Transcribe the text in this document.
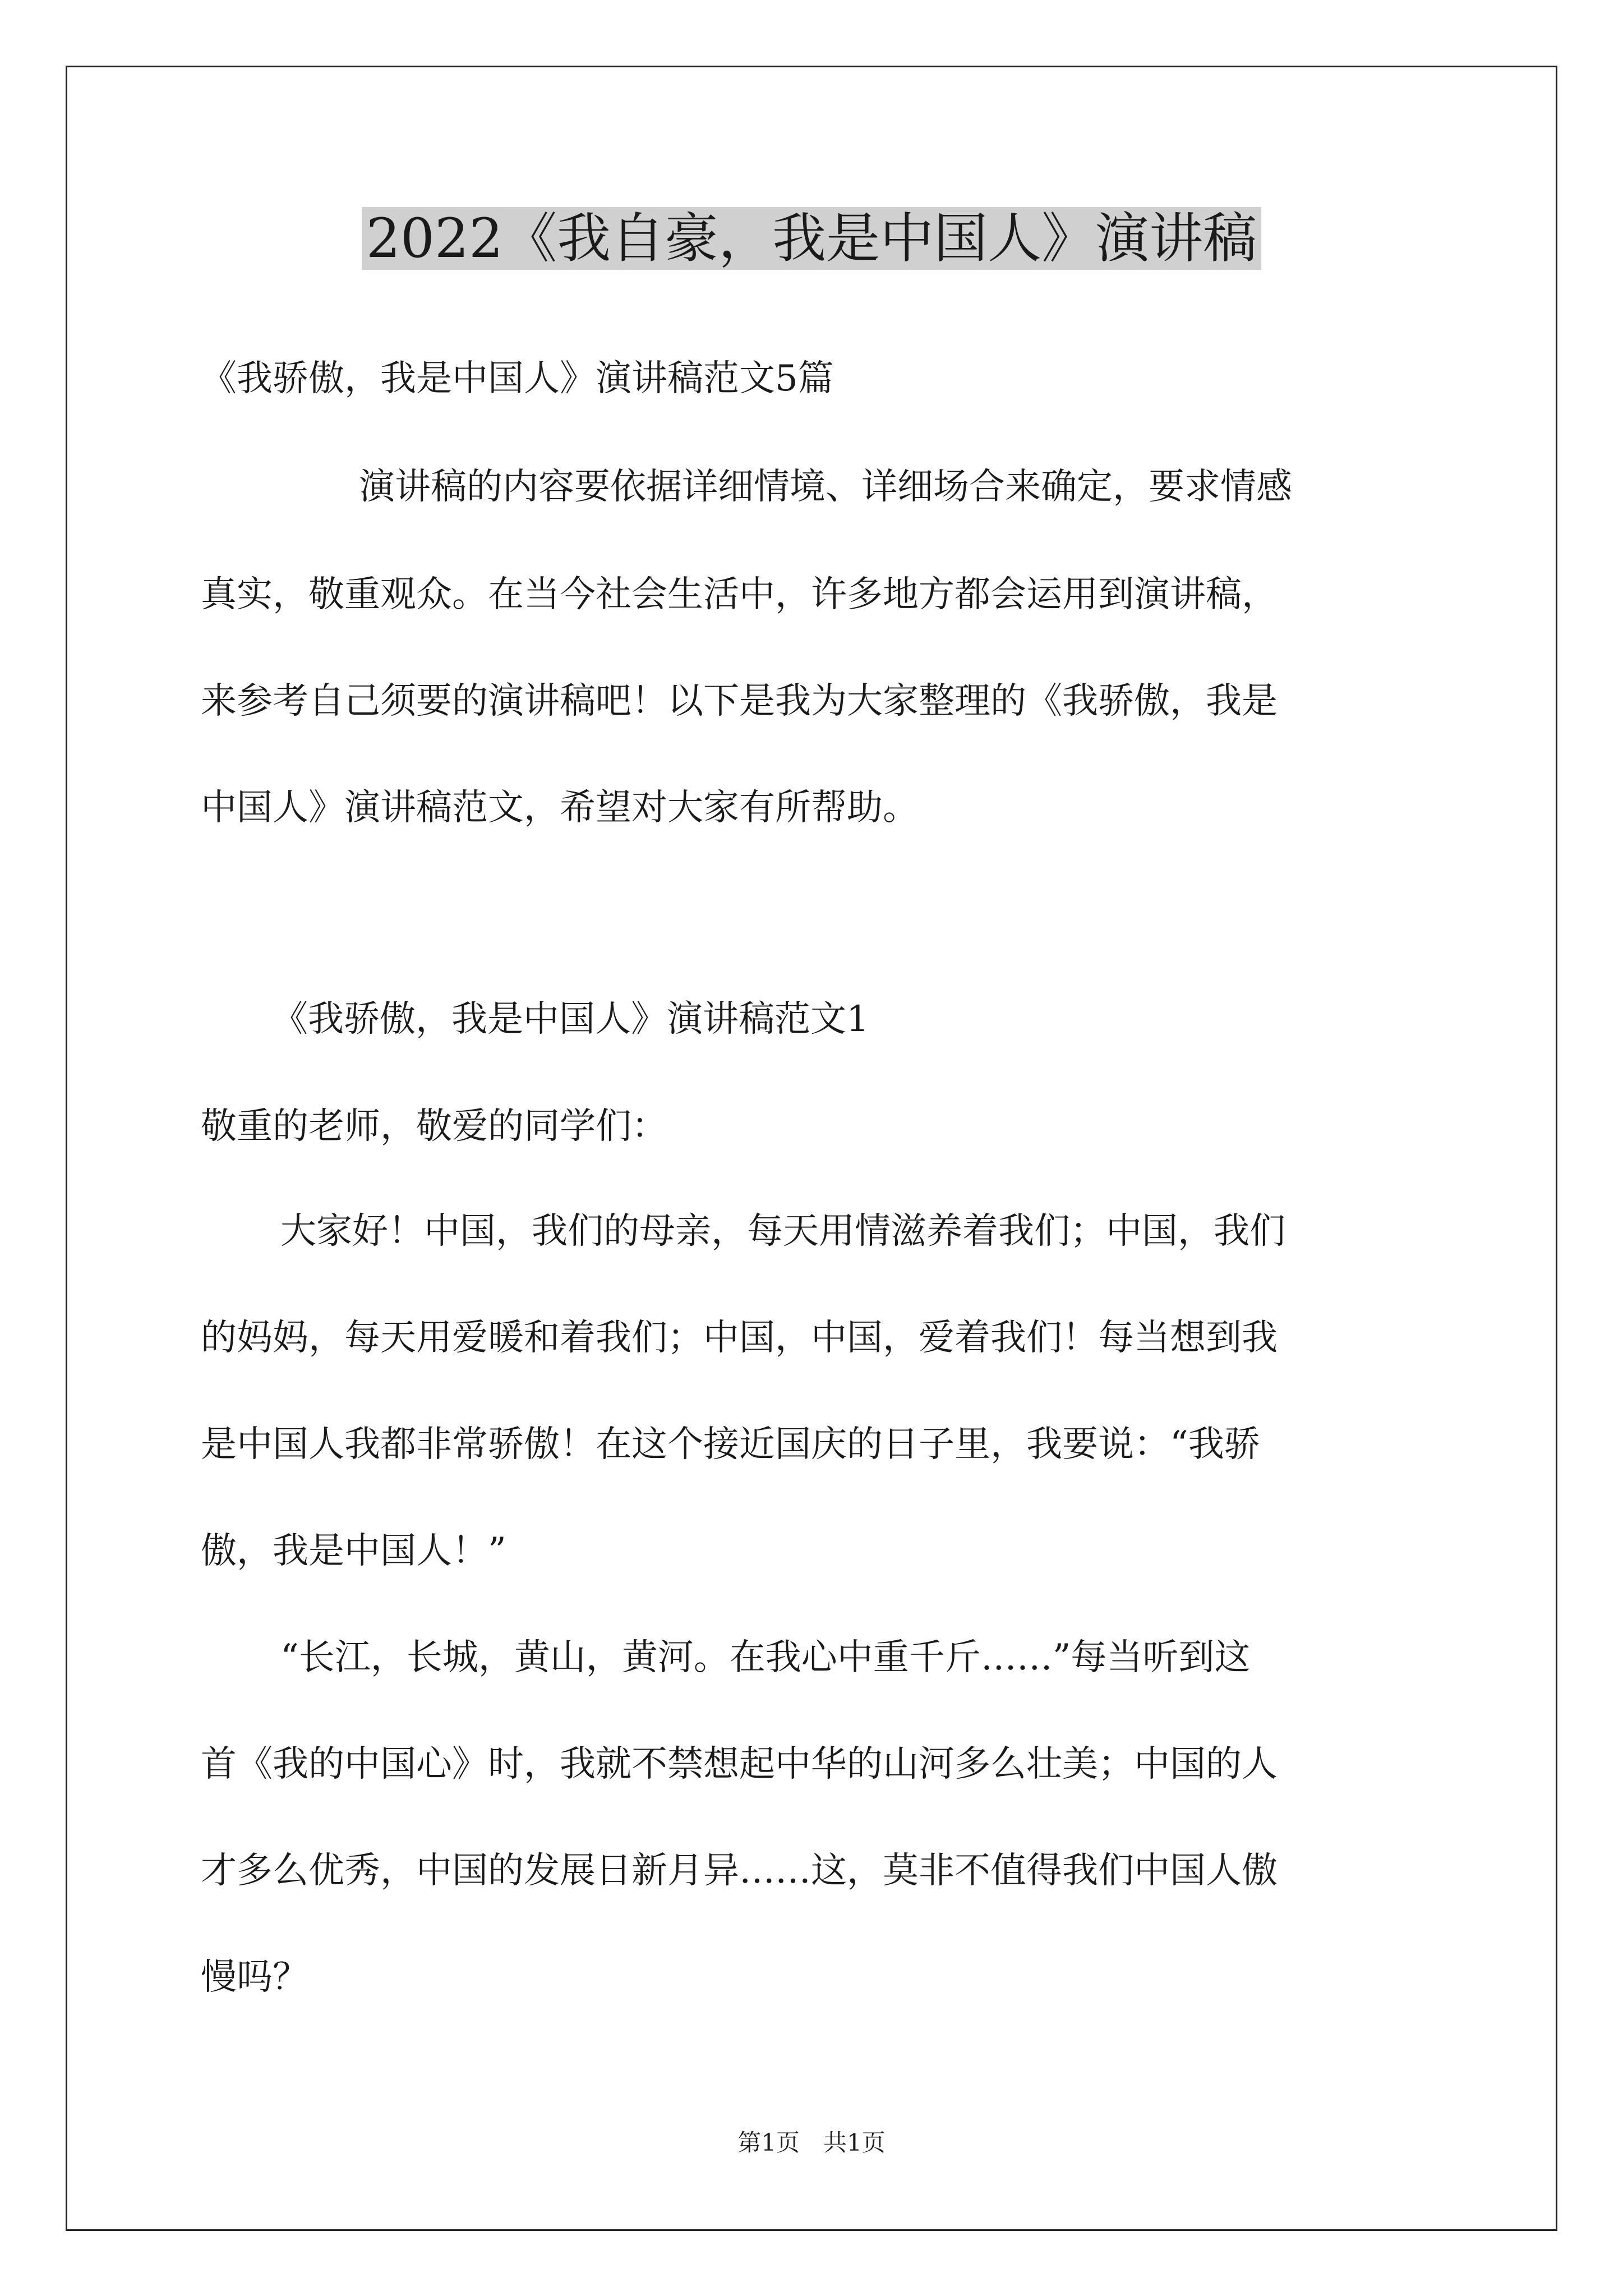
2022《我自豪，我是中国人》演讲稿
《我骄傲，我是中国人》演讲稿范文5篇
演讲稿的内容要依据详细情境、详细场合来确定，要求情感
真实，敬重观众。在当今社会生活中，许多地方都会运用到演讲稿，
来参考自己须要的演讲稿吧！以下是我为大家整理的《我骄傲，我是
中国人》演讲稿范文，希望对大家有所帮助。
《我骄傲，我是中国人》演讲稿范文1
敬重的老师，敬爱的同学们：
大家好！中国，我们的母亲，每天用情滋养着我们；中国，我们
的妈妈，每天用爱暖和着我们；中国，中国，爱着我们！每当想到我
是中国人我都非常骄傲！在这个接近国庆的日子里，我要说：“我骄
傲，我是中国人！”
“长江，长城，黄山，黄河。在我心中重千斤……”每当听到这
首《我的中国心》时，我就不禁想起中华的山河多么壮美；中国的人
才多么优秀，中国的发展日新月异……这，莫非不值得我们中国人傲
慢吗？
第1页　共1页
